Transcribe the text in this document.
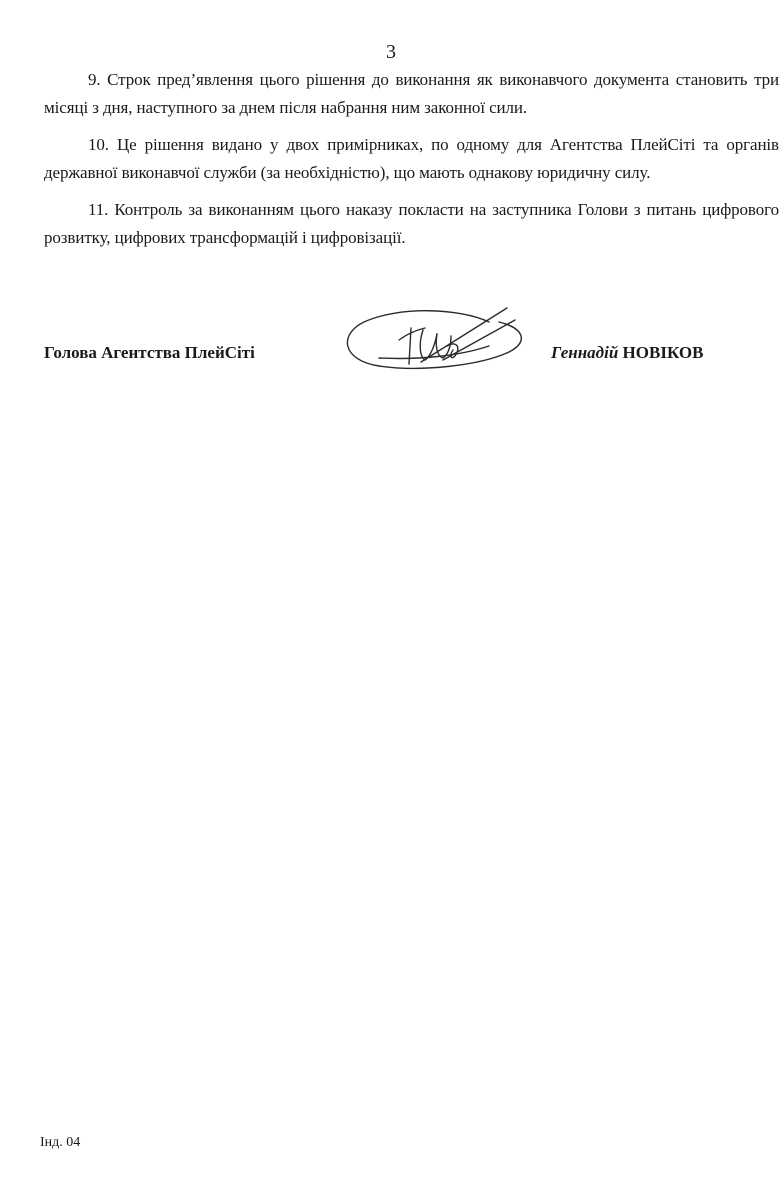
3

9. Строк пред’явлення цього рішення до виконання як виконавчого документа становить три місяці з дня, наступного за днем після набрання ним законної сили.

10. Це рішення видано у двох примірниках, по одному для Агентства ПлейСіті та органів державної виконавчої служби (за необхідністю), що мають однакову юридичну силу.

11. Контроль за виконанням цього наказу покласти на заступника Голови з питань цифрового розвитку, цифрових трансформацій і цифровізації.

Голова Агентства ПлейСіті	Геннадій НОВІКОВ
Інд. 04
